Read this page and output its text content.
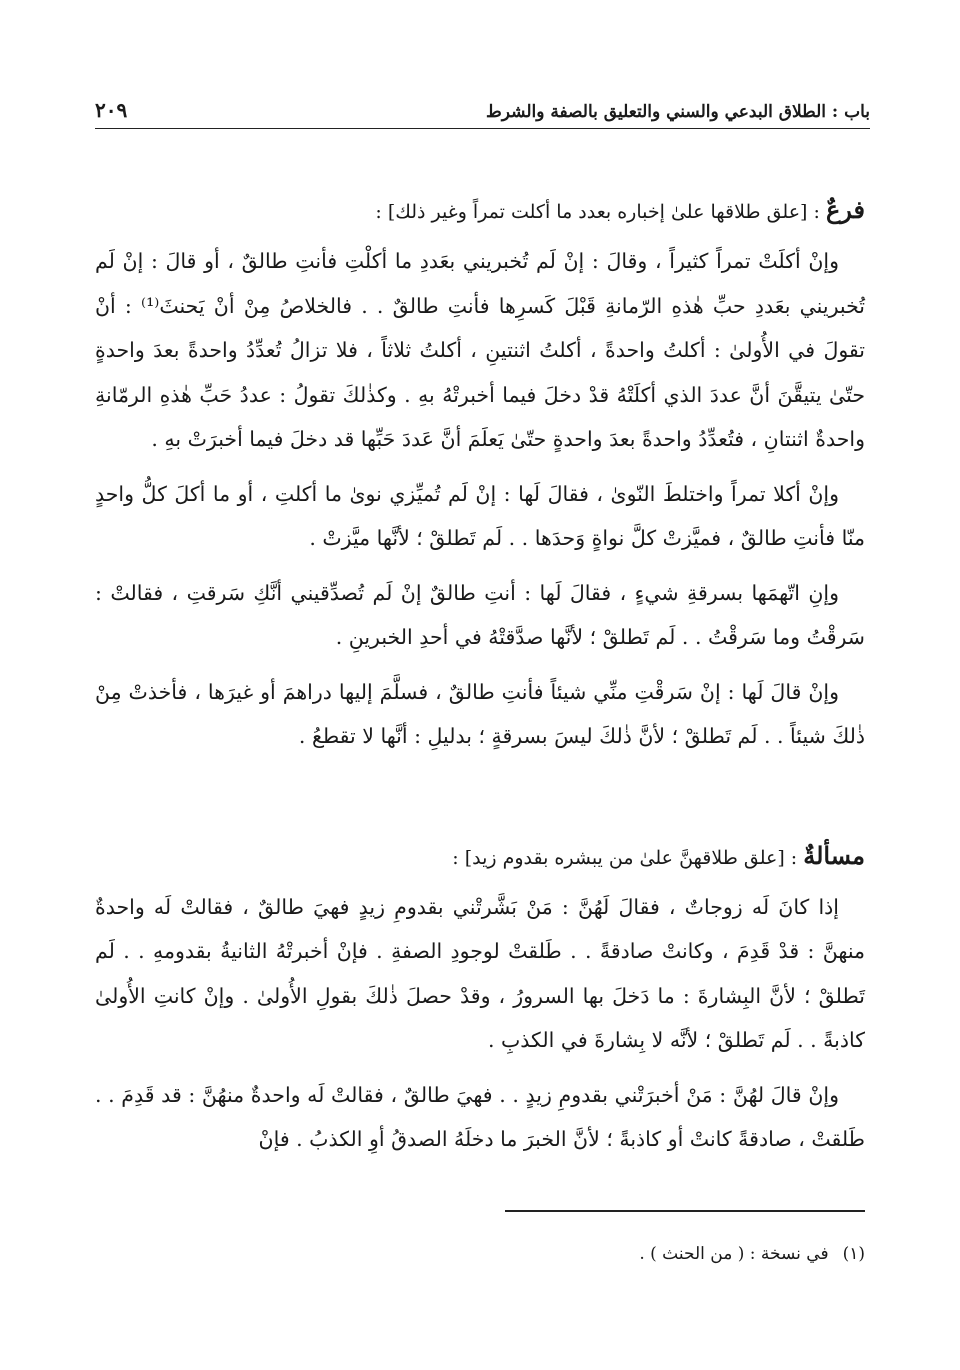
باب : الطلاق البدعي والسني والتعليق بالصفة والشرط
٢٠٩
فرعٌ : [علق طلاقها علىٰ إخباره بعدد ما أكلت تمراً وغير ذلك] :

وإنْ أكلَتْ تمراً كثيراً ، وقالَ : إنْ لَم تُخبريني بعَددِ ما أكلْتِ فأنتِ طالقٌ ، أو قالَ : إنْ لَم تُخبريني بعَددِ حبِّ هٰذهِ الرّمانةِ قَبْلَ كَسرِها فأنتِ طالقٌ . . فالخلاصُ مِنْ أنْ يَحنثَ⁽¹⁾ : أنْ تقولَ في الأُولىٰ : أكلتُ واحدةً ، أكلتُ اثنتينِ ، أكلتُ ثلاثاً ، فلا تزالُ تُعدِّدُ واحدةً بعدَ واحدةٍ حتّىٰ يتيقَّنَ أنَّ عددَ الذي أكلَتْهُ قدْ دخلَ فيما أخبرتْهُ بهِ . وكذٰلكَ تقولُ : عددُ حَبِّ هٰذهِ الرمّانةِ واحدةٌ اثنتانِ ، فتُعدِّدُ واحدةً بعدَ واحدةٍ حتّىٰ يَعلَمَ أنَّ عَددَ حَبِّها قد دخلَ فيما أخبرَتْ بهِ .

وإنْ أكلا تمراً واختلطَ النّوىٰ ، فقالَ لَها : إنْ لَم تُميِّزي نوىٰ ما أكلتِ ، أو ما أكلَ كلُّ واحدٍ منّا فأنتِ طالقٌ ، فميَّزتْ كلَّ نواةٍ وَحدَها . . لَم تَطلقْ ؛ لأنَّها ميَّزتْ .

وإنِ اتّهمَها بسرقةِ شيءٍ ، فقالَ لَها : أنتِ طالقٌ إنْ لَم تُصدِّقيني أنَّكِ سَرقتِ ، فقالتْ : سَرقْتُ وما سَرقْتُ . . لَم تَطلقْ ؛ لأنَّها صدَّقتْهُ في أحدِ الخبرينِ .

وإنْ قالَ لَها : إنْ سَرقْتِ منِّي شيئاً فأنتِ طالقٌ ، فسلَّمَ إليها دراهمَ أو غيرَها ، فأخذتْ مِنْ ذٰلكَ شيئاً . . لَم تَطلقْ ؛ لأنَّ ذٰلكَ ليسَ بسرقةٍ ؛ بدليلِ : أنَّها لا تقطعُ .

مسألةٌ : [علق طلاقهنَّ علىٰ من يبشره بقدوم زيد] :

إذا كانَ لَه زوجاتٌ ، فقالَ لَهُنَّ : مَنْ بَشَّرتْني بقدومِ زيدٍ فهيَ طالقٌ ، فقالتْ لَه واحدةٌ منهنَّ : قدْ قَدِمَ ، وكانتْ صادقةً . . طَلقتْ لوجودِ الصفةِ . فإنْ أخبرتْهُ الثانيةُ بقدومهِ . . لَم تَطلقْ ؛ لأنَّ البِشارةَ : ما دَخلَ بها السرورُ ، وقدْ حصلَ ذٰلكَ بقولِ الأُولىٰ . وإنْ كانتِ الأُولىٰ كاذبةً . . لَم تَطلقْ ؛ لأنَّه لا بِشارةَ في الكذبِ .

وإنْ قالَ لهُنَّ : مَنْ أخبرَتْني بقدومِ زيدٍ . . فهيَ طالقٌ ، فقالتْ لَه واحدةٌ منهُنَّ : قد قَدِمَ . . طَلقتْ ، صادقةً كانتْ أو كاذبةً ؛ لأنَّ الخبرَ ما دخلَهُ الصدقُ أوِ الكذبُ . فإنْ

(١)في نسخة : ( من الحنث ) .
